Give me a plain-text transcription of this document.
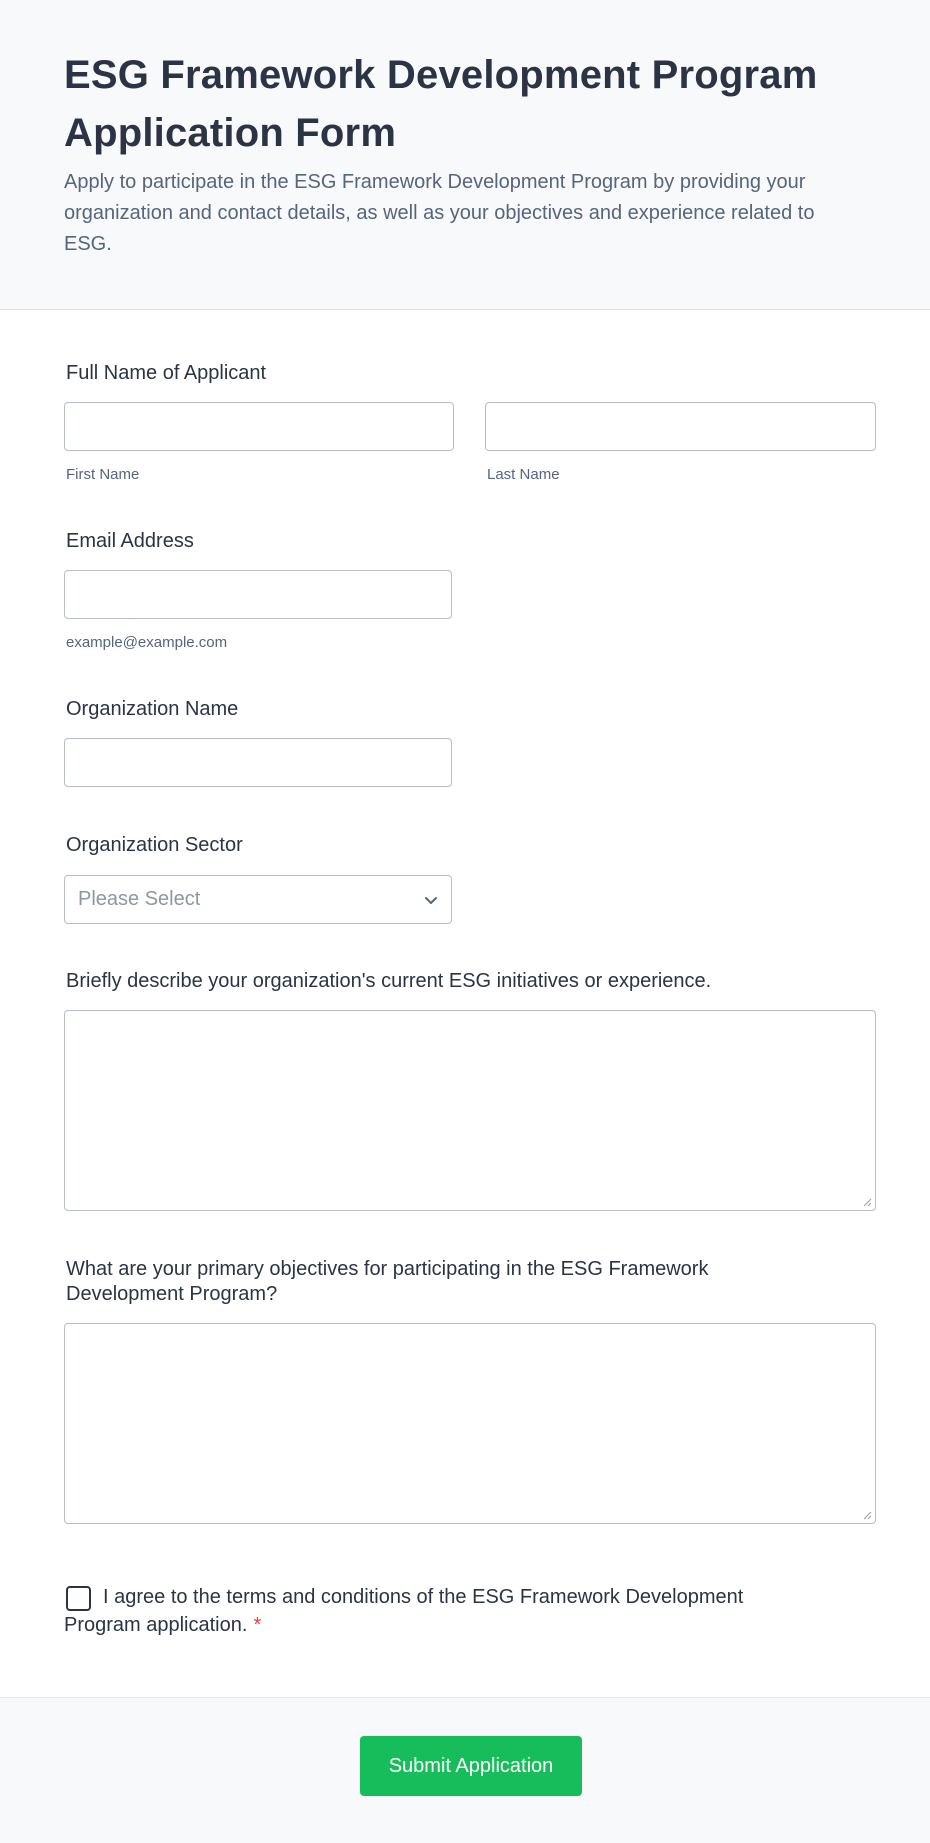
ESG Framework Development Program Application Form

Apply to participate in the ESG Framework Development Program by providing your organization and contact details, as well as your objectives and experience related to ESG.

Full Name of Applicant
First Name	Last Name
Email Address
example@example.com
Organization Name
Organization Sector
Please Select
Briefly describe your organization's current ESG initiatives or experience.
What are your primary objectives for participating in the ESG Framework Development Program?
I agree to the terms and conditions of the ESG Framework Development Program application. *
Submit Application
